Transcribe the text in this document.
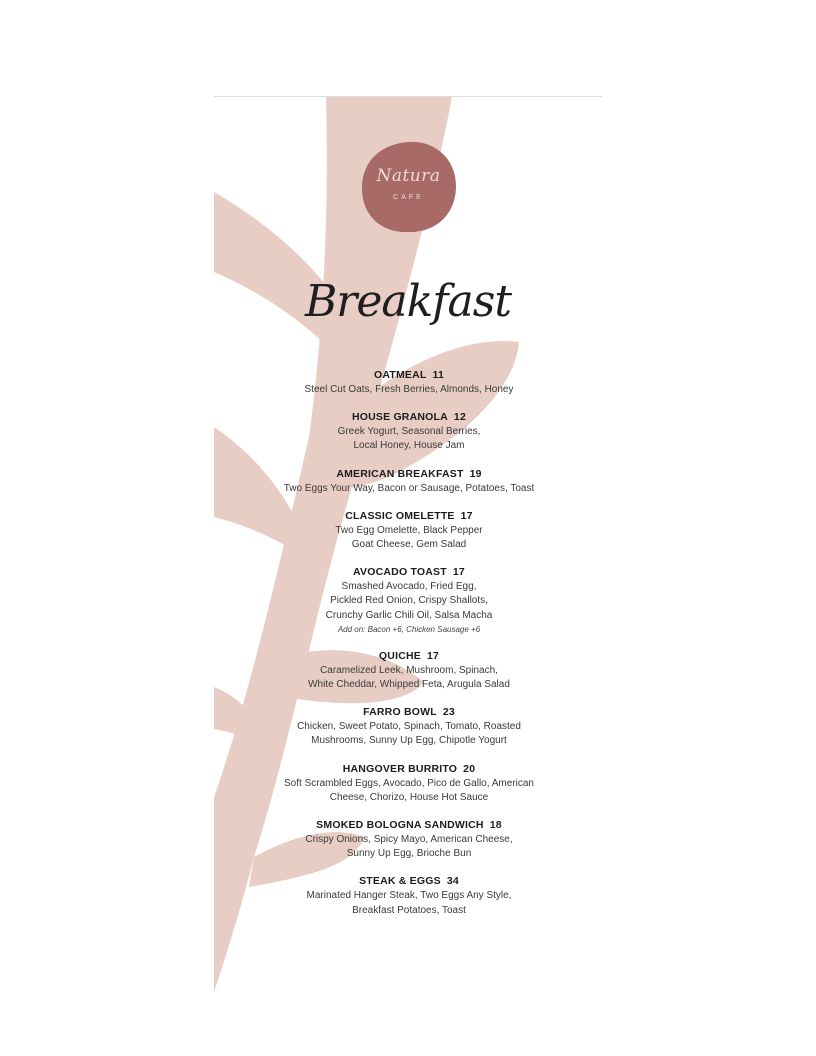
Natura
CAFE
Breakfast
OATMEAL 11
Steel Cut Oats, Fresh Berries, Almonds, Honey
HOUSE GRANOLA 12
Greek Yogurt, Seasonal Berries,
Local Honey, House Jam
AMERICAN BREAKFAST 19
Two Eggs Your Way, Bacon or Sausage, Potatoes, Toast
CLASSIC OMELETTE 17
Two Egg Omelette, Black Pepper
Goat Cheese, Gem Salad
AVOCADO TOAST 17
Smashed Avocado, Fried Egg,
Pickled Red Onion, Crispy Shallots,
Crunchy Garlic Chili Oil, Salsa Macha
Add on: Bacon +6, Chicken Sausage +6
QUICHE 17
Caramelized Leek, Mushroom, Spinach,
White Cheddar, Whipped Feta, Arugula Salad
FARRO BOWL 23
Chicken, Sweet Potato, Spinach, Tomato, Roasted
Mushrooms, Sunny Up Egg, Chipotle Yogurt
HANGOVER BURRITO 20
Soft Scrambled Eggs, Avocado, Pico de Gallo, American
Cheese, Chorizo, House Hot Sauce
SMOKED BOLOGNA SANDWICH 18
Crispy Onions, Spicy Mayo, American Cheese,
Sunny Up Egg, Brioche Bun
STEAK & EGGS 34
Marinated Hanger Steak, Two Eggs Any Style,
Breakfast Potatoes, Toast
